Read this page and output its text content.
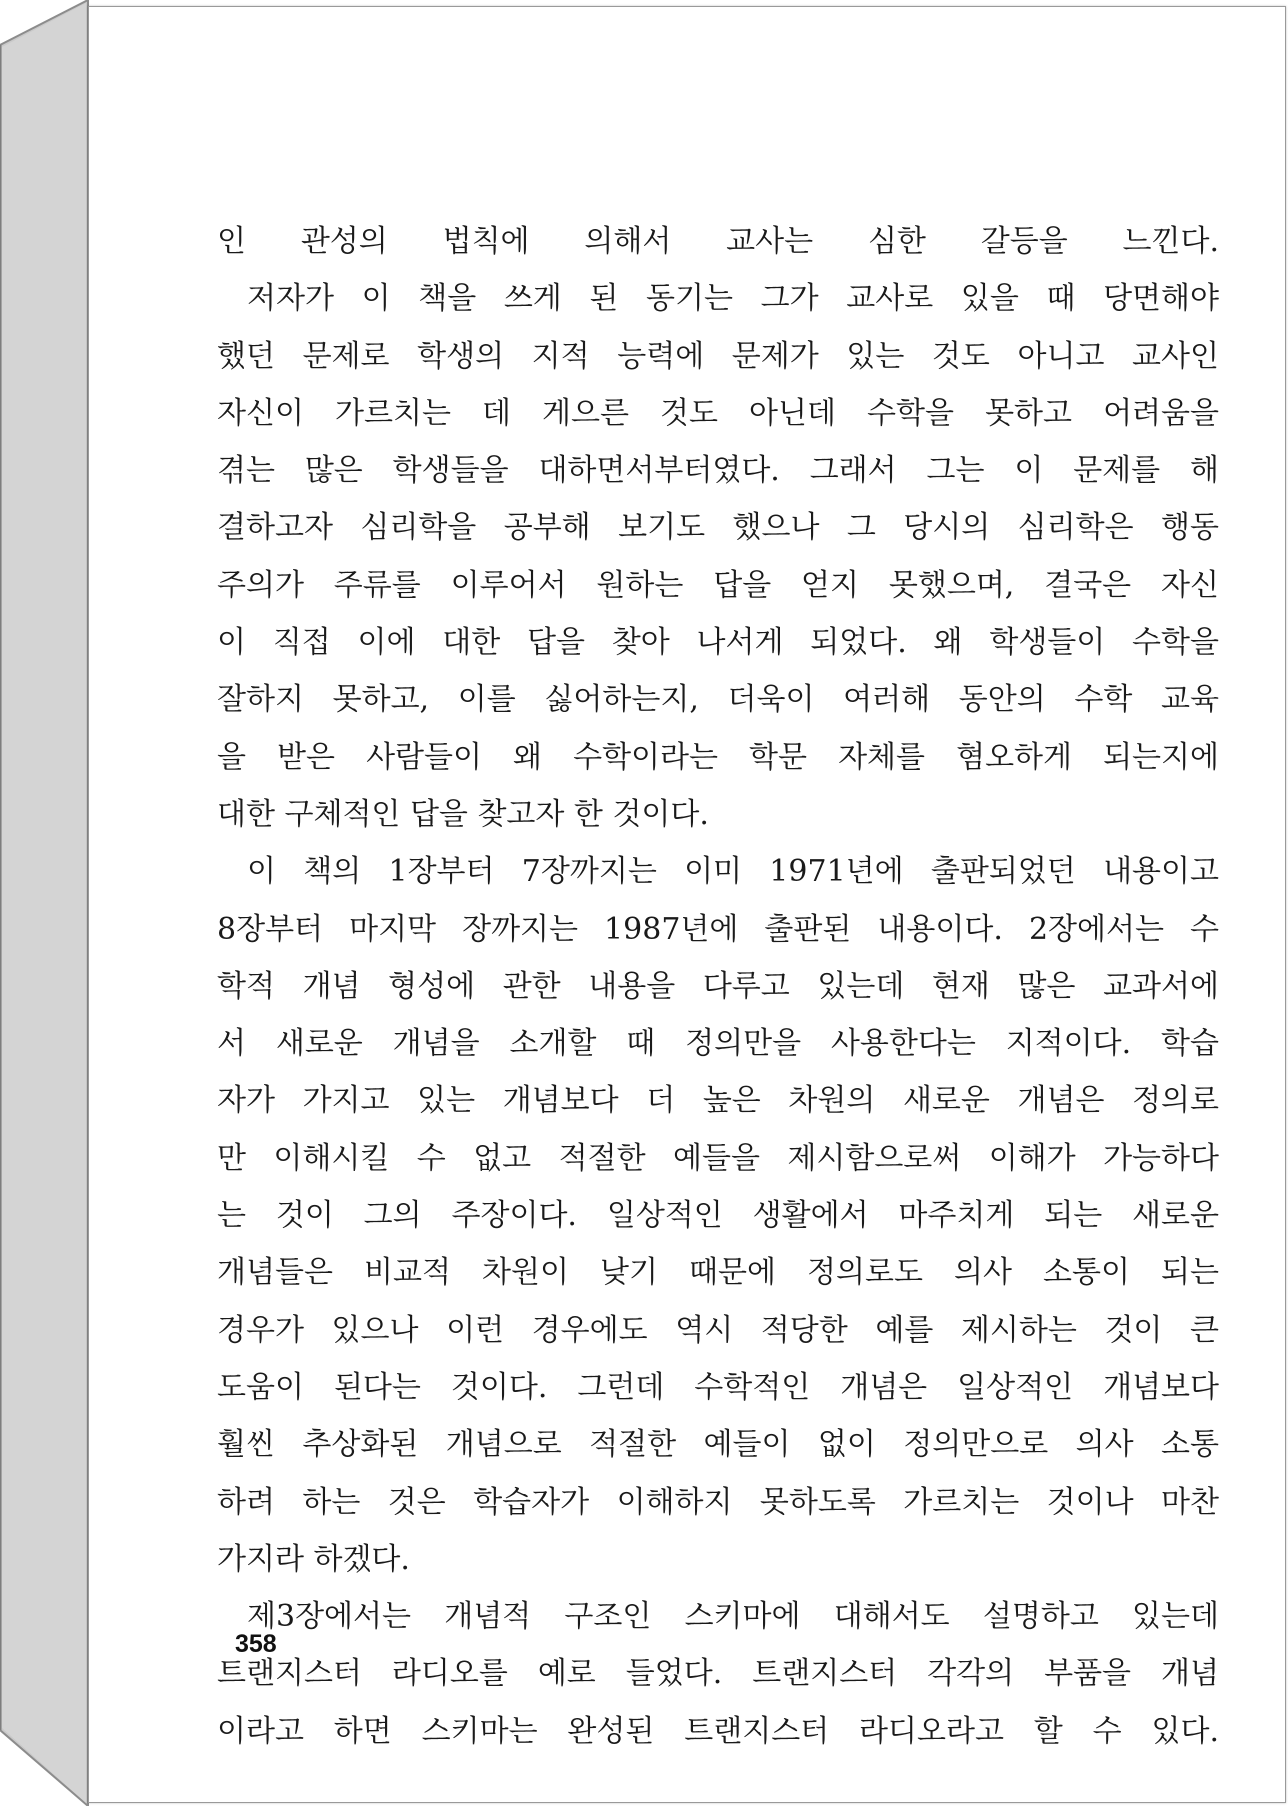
인 관성의 법칙에 의해서 교사는 심한 갈등을 느낀다.
저자가 이 책을 쓰게 된 동기는 그가 교사로 있을 때 당면해야
했던 문제로 학생의 지적 능력에 문제가 있는 것도 아니고 교사인
자신이 가르치는 데 게으른 것도 아닌데 수학을 못하고 어려움을
겪는 많은 학생들을 대하면서부터였다. 그래서 그는 이 문제를 해
결하고자 심리학을 공부해 보기도 했으나 그 당시의 심리학은 행동
주의가 주류를 이루어서 원하는 답을 얻지 못했으며, 결국은 자신
이 직접 이에 대한 답을 찾아 나서게 되었다. 왜 학생들이 수학을
잘하지 못하고, 이를 싫어하는지, 더욱이 여러해 동안의 수학 교육
을 받은 사람들이 왜 수학이라는 학문 자체를 혐오하게 되는지에
대한 구체적인 답을 찾고자 한 것이다.
이 책의 1장부터 7장까지는 이미 1971년에 출판되었던 내용이고
8장부터 마지막 장까지는 1987년에 출판된 내용이다. 2장에서는 수
학적 개념 형성에 관한 내용을 다루고 있는데 현재 많은 교과서에
서 새로운 개념을 소개할 때 정의만을 사용한다는 지적이다. 학습
자가 가지고 있는 개념보다 더 높은 차원의 새로운 개념은 정의로
만 이해시킬 수 없고 적절한 예들을 제시함으로써 이해가 가능하다
는 것이 그의 주장이다. 일상적인 생활에서 마주치게 되는 새로운
개념들은 비교적 차원이 낮기 때문에 정의로도 의사 소통이 되는
경우가 있으나 이런 경우에도 역시 적당한 예를 제시하는 것이 큰
도움이 된다는 것이다. 그런데 수학적인 개념은 일상적인 개념보다
훨씬 추상화된 개념으로 적절한 예들이 없이 정의만으로 의사 소통
하려 하는 것은 학습자가 이해하지 못하도록 가르치는 것이나 마찬
가지라 하겠다.
제3장에서는 개념적 구조인 스키마에 대해서도 설명하고 있는데
트랜지스터 라디오를 예로 들었다. 트랜지스터 각각의 부품을 개념
이라고 하면 스키마는 완성된 트랜지스터 라디오라고 할 수 있다.
358
